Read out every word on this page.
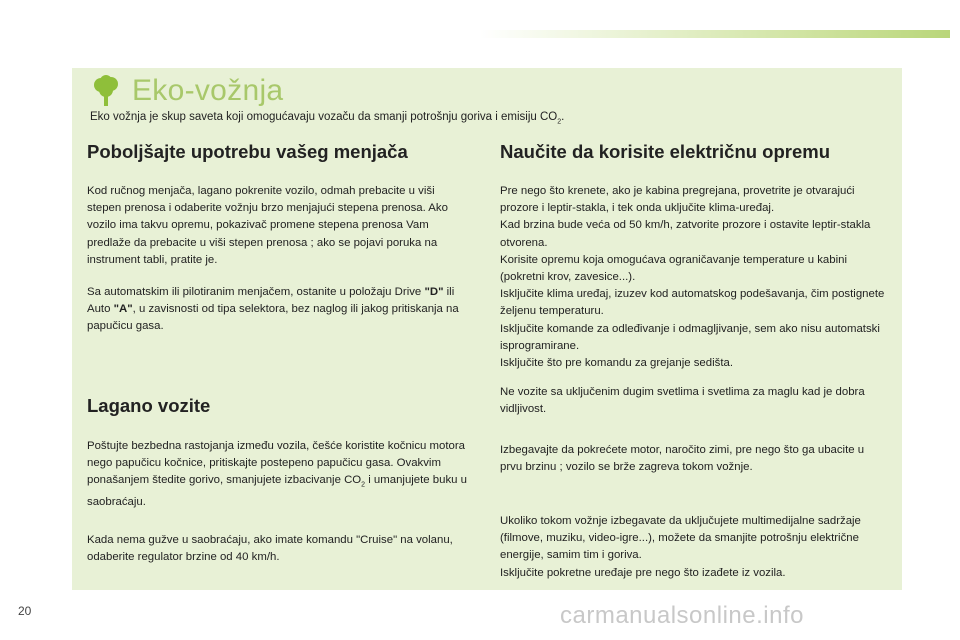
Eko-vožnja
Eko vožnja je skup saveta koji omogućavaju vozaču da smanji potrošnju goriva i emisiju $CO_2$.
Poboljšajte upotrebu vašeg menjača

Kod ručnog menjača, lagano pokrenite vozilo, odmah prebacite u viši stepen prenosa i odaberite vožnju brzo menjajući stepena prenosa. Ako vozilo ima takvu opremu, pokazivač promene stepena prenosa Vam predlaže da prebacite u viši stepen prenosa ; ako se pojavi poruka na instrument tabli, pratite je.

Sa automatskim ili pilotiranim menjačem, ostanite u položaju Drive "D" ili Auto "A", u zavisnosti od tipa selektora, bez naglog ili jakog pritiskanja na papučicu gasa.

Lagano vozite

Poštujte bezbedna rastojanja između vozila, češće koristite kočnicu motora nego papučicu kočnice, pritiskajte postepeno papučicu gasa. Ovakvim ponašanjem štedite gorivo, smanjujete izbacivanje $CO_2$ i umanjujete buku u saobraćaju.

Kada nema gužve u saobraćaju, ako imate komandu "Cruise" na volanu, odaberite regulator brzine od 40 km/h.

Naučite da korisite električnu opremu

Pre nego što krenete, ako je kabina pregrejana, provetrite je otvarajući prozore i leptir-stakla, i tek onda uključite klima-uređaj.
Kad brzina bude veća od 50 km/h, zatvorite prozore i ostavite leptir-stakla otvorena.
Korisite opremu koja omogućava ograničavanje temperature u kabini (pokretni krov, zavesice...).
Isključite klima uređaj, izuzev kod automatskog podešavanja, čim postignete željenu temperaturu.
Isključite komande za odleđivanje i odmagljivanje, sem ako nisu automatski isprogramirane.
Isključite što pre komandu za grejanje sedišta.

Ne vozite sa uključenim dugim svetlima i svetlima za maglu kad je dobra vidljivost.

Izbegavajte da pokrećete motor, naročito zimi, pre nego što ga ubacite u prvu brzinu ; vozilo se brže zagreva tokom vožnje.

Ukoliko tokom vožnje izbegavate da uključujete multimedijalne sadržaje (filmove, muziku, video-igre...), možete da smanjite potrošnju električne energije, samim tim i goriva.
Isključite pokretne uređaje pre nego što izađete iz vozila.

20	carmanualsonline.info
